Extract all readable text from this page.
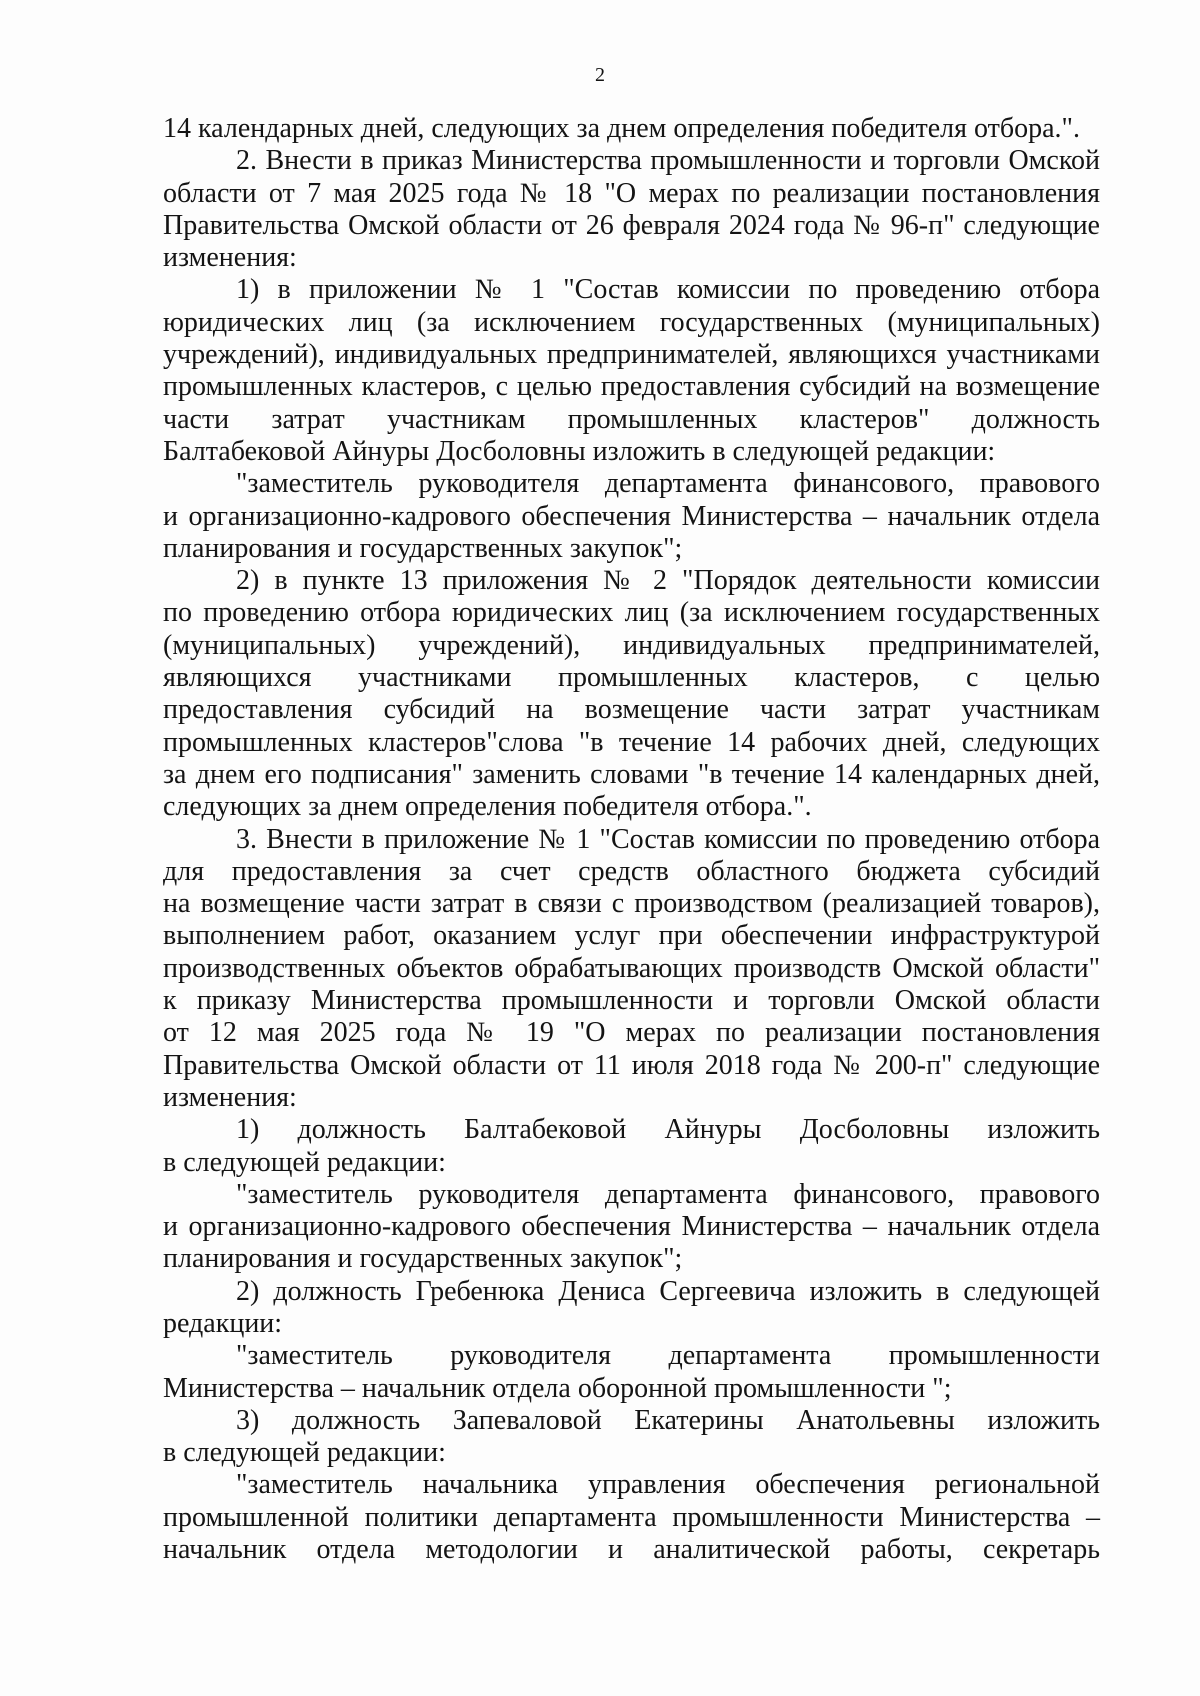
2
14 календарных дней, следующих за днем определения победителя отбора.".
2. Внести в приказ Министерства промышленности и торговли Омской
области от 7 мая 2025 года № 18 "О мерах по реализации постановления
Правительства Омской области от 26 февраля 2024 года № 96-п" следующие
изменения:
1) в приложении № 1 "Состав комиссии по проведению отбора
юридических лиц (за исключением государственных (муниципальных)
учреждений), индивидуальных предпринимателей, являющихся участниками
промышленных кластеров, с целью предоставления субсидий на возмещение
части затрат участникам промышленных кластеров" должность
Балтабековой Айнуры Досболовны изложить в следующей редакции:
"заместитель руководителя департамента финансового, правового
и организационно-кадрового обеспечения Министерства – начальник отдела
планирования и государственных закупок";
2) в пункте 13 приложения № 2 "Порядок деятельности комиссии
по проведению отбора юридических лиц (за исключением государственных
(муниципальных) учреждений), индивидуальных предпринимателей,
являющихся участниками промышленных кластеров, с целью
предоставления субсидий на возмещение части затрат участникам
промышленных кластеров"слова "в течение 14 рабочих дней, следующих
за днем его подписания" заменить словами "в течение 14 календарных дней,
следующих за днем определения победителя отбора.".
3. Внести в приложение № 1 "Состав комиссии по проведению отбора
для предоставления за счет средств областного бюджета субсидий
на возмещение части затрат в связи с производством (реализацией товаров),
выполнением работ, оказанием услуг при обеспечении инфраструктурой
производственных объектов обрабатывающих производств Омской области"
к приказу Министерства промышленности и торговли Омской области
от 12 мая 2025 года № 19 "О мерах по реализации постановления
Правительства Омской области от 11 июля 2018 года № 200-п" следующие
изменения:
1) должность Балтабековой Айнуры Досболовны изложить
в следующей редакции:
"заместитель руководителя департамента финансового, правового
и организационно-кадрового обеспечения Министерства – начальник отдела
планирования и государственных закупок";
2) должность Гребенюка Дениса Сергеевича изложить в следующей
редакции:
"заместитель руководителя департамента промышленности
Министерства – начальник отдела оборонной промышленности ";
3) должность Запеваловой Екатерины Анатольевны изложить
в следующей редакции:
"заместитель начальника управления обеспечения региональной
промышленной политики департамента промышленности Министерства –
начальник отдела методологии и аналитической работы, секретарь
